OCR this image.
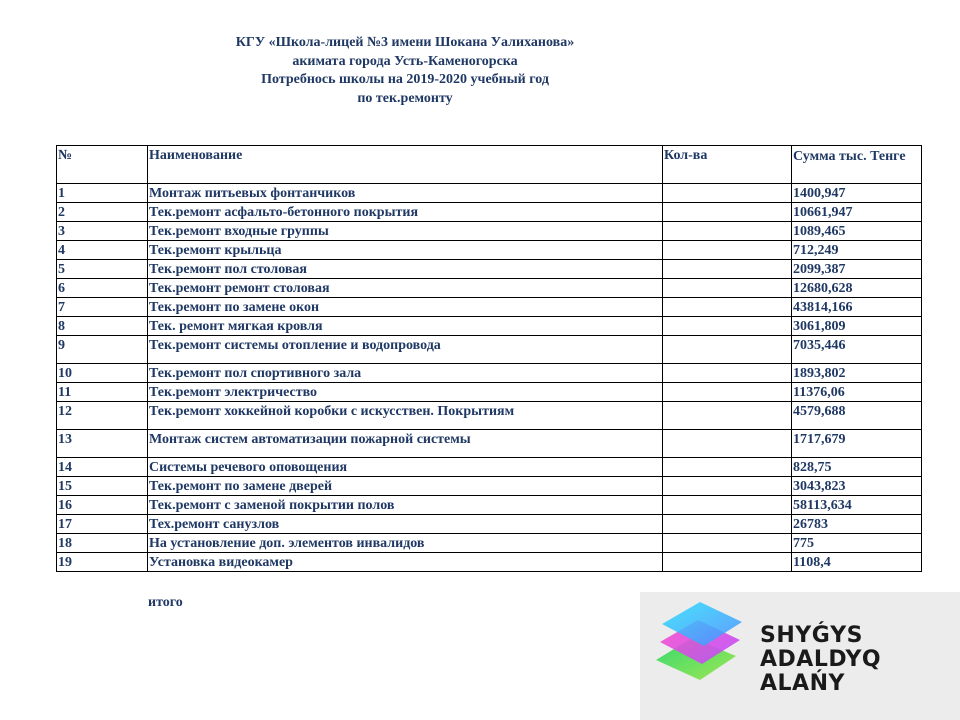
КГУ «Школа-лицей №3 имени Шокана Уалиханова»
акимата города Усть-Каменогорска
Потребнось школы на 2019-2020 учебный год
по тек.ремонту
№	Наименование	Кол-ва	Сумма тыс. Тенге
1	Монтаж питьевых фонтанчиков		1400,947
2	Тек.ремонт асфальто-бетонного покрытия		10661,947
3	Тек.ремонт входные группы		1089,465
4	Тек.ремонт крыльца		712,249
5	Тек.ремонт пол столовая		2099,387
6	Тек.ремонт ремонт столовая		12680,628
7	Тек.ремонт по замене окон		43814,166
8	Тек. ремонт мягкая кровля		3061,809
9	Тек.ремонт системы отопление и водопровода		7035,446
10	Тек.ремонт пол спортивного зала		1893,802
11	Тек.ремонт электричество		11376,06
12	Тек.ремонт хоккейной коробки с искусствен. Покрытиям		4579,688
13	Монтаж систем автоматизации пожарной системы		1717,679
14	Системы речевого оповощения		828,75
15	Тек.ремонт по замене дверей		3043,823
16	Тек.ремонт с заменой покрытии полов		58113,634
17	Тех.ремонт санузлов		26783
18	На установление доп. элементов инвалидов		775
19	Установка видеокамер		1108,4
итого
SHYǴYS
ADALDYQ ALAŃY
